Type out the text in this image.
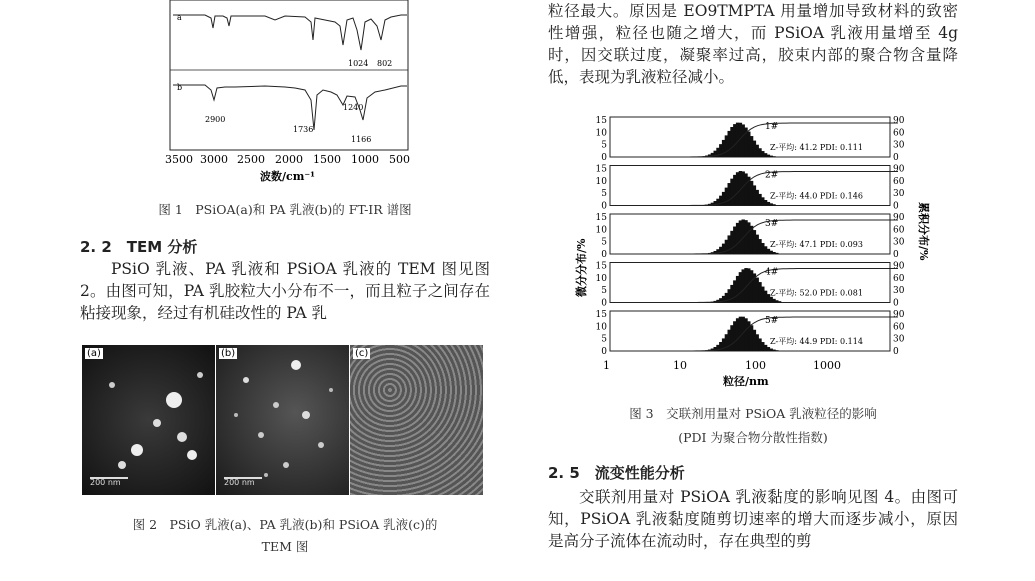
a
b
1024 802
2900
1240
1736
1166
3500 3000 2500 2000 1500 1000 500
波数/cm⁻¹
图 1　PSiOA(a)和 PA 乳液(b)的 FT-IR 谱图
2. 2　TEM 分析
PSiO 乳液、PA 乳液和 PSiOA 乳液的 TEM 图见图 2。由图可知，PA 乳胶粒大小分布不一，而且粒子之间存在粘接现象，经过有机硅改性的 PA 乳
(a)
200 nm
(b)
200 nm
(c)
图 2　PSiO 乳液(a)、PA 乳液(b)和 PSiOA 乳液(c)的
TEM 图
粒径最大。原因是 EO9TMPTA 用量增加导致材料的致密性增强，粒径也随之增大，而 PSiOA 乳液用量增至 4g 时，因交联过度，凝聚率过高，胶束内部的聚合物含量降低，表现为乳液粒径减小。
微分分布/%
累积分布/%
1	10	100	1000
粒径/nm
15	90
10	60
5	30
0	0
1#
Z-平均: 41.2 PDI: 0.111
15	90
10	60
5	30
0	0
2#
Z-平均: 44.0 PDI: 0.146
15	90
10	60
5	30
0	0
3#
Z-平均: 47.1 PDI: 0.093
15	90
10	60
5	30
0	0
4#
Z-平均: 52.0 PDI: 0.081
15	90
10	60
5	30
0	0
5#
Z-平均: 44.9 PDI: 0.114
图 3　交联剂用量对 PSiOA 乳液粒径的影响
(PDI 为聚合物分散性指数)
2. 5　流变性能分析
交联剂用量对 PSiOA 乳液黏度的影响见图 4。由图可知，PSiOA 乳液黏度随剪切速率的增大而逐步减小，原因是高分子流体在流动时，存在典型的剪
